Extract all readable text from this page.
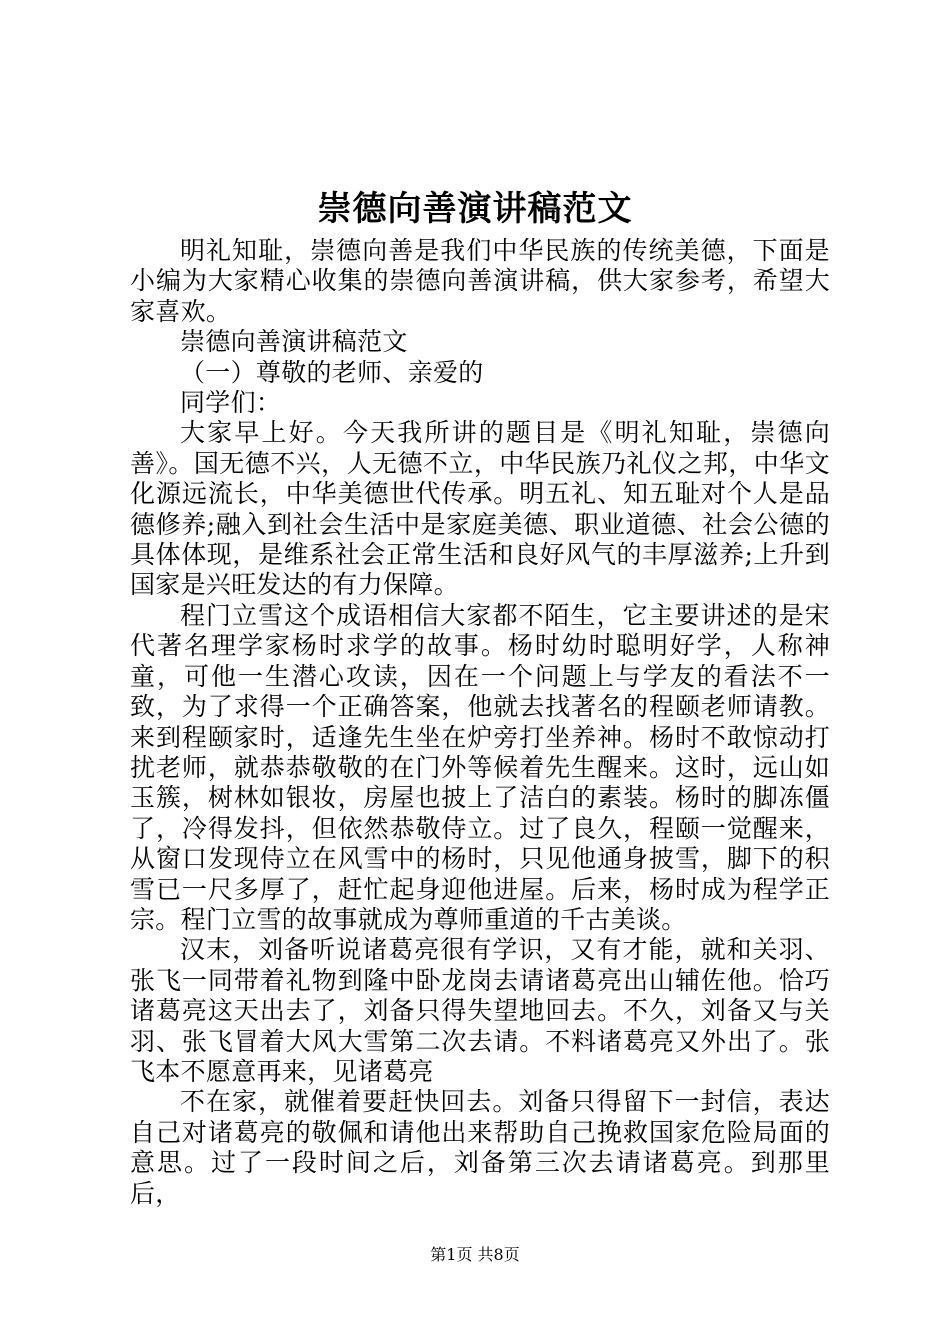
崇德向善演讲稿范文

明礼知耻，崇德向善是我们中华民族的传统美德，下面是小编为大家精心收集的崇德向善演讲稿，供大家参考，希望大家喜欢。

崇德向善演讲稿范文

（一）尊敬的老师、亲爱的

同学们：

大家早上好。今天我所讲的题目是《明礼知耻，崇德向善》。国无德不兴，人无德不立，中华民族乃礼仪之邦，中华文化源远流长，中华美德世代传承。明五礼、知五耻对个人是品德修养;融入到社会生活中是家庭美德、职业道德、社会公德的具体体现，是维系社会正常生活和良好风气的丰厚滋养;上升到国家是兴旺发达的有力保障。

程门立雪这个成语相信大家都不陌生，它主要讲述的是宋代著名理学家杨时求学的故事。杨时幼时聪明好学，人称神童，可他一生潜心攻读，因在一个问题上与学友的看法不一致，为了求得一个正确答案，他就去找著名的程颐老师请教。来到程颐家时，适逢先生坐在炉旁打坐养神。杨时不敢惊动打扰老师，就恭恭敬敬的在门外等候着先生醒来。这时，远山如玉簇，树林如银妆，房屋也披上了洁白的素装。杨时的脚冻僵了，冷得发抖，但依然恭敬侍立。过了良久，程颐一觉醒来，从窗口发现侍立在风雪中的杨时，只见他通身披雪，脚下的积雪已一尺多厚了，赶忙起身迎他进屋。后来，杨时成为程学正宗。程门立雪的故事就成为尊师重道的千古美谈。

汉末，刘备听说诸葛亮很有学识，又有才能，就和关羽、张飞一同带着礼物到隆中卧龙岗去请诸葛亮出山辅佐他。恰巧诸葛亮这天出去了，刘备只得失望地回去。不久，刘备又与关羽、张飞冒着大风大雪第二次去请。不料诸葛亮又外出了。张飞本不愿意再来，见诸葛亮

不在家，就催着要赶快回去。刘备只得留下一封信，表达自己对诸葛亮的敬佩和请他出来帮助自己挽救国家危险局面的意思。过了一段时间之后，刘备第三次去请诸葛亮。到那里后，

第1页 共8页
